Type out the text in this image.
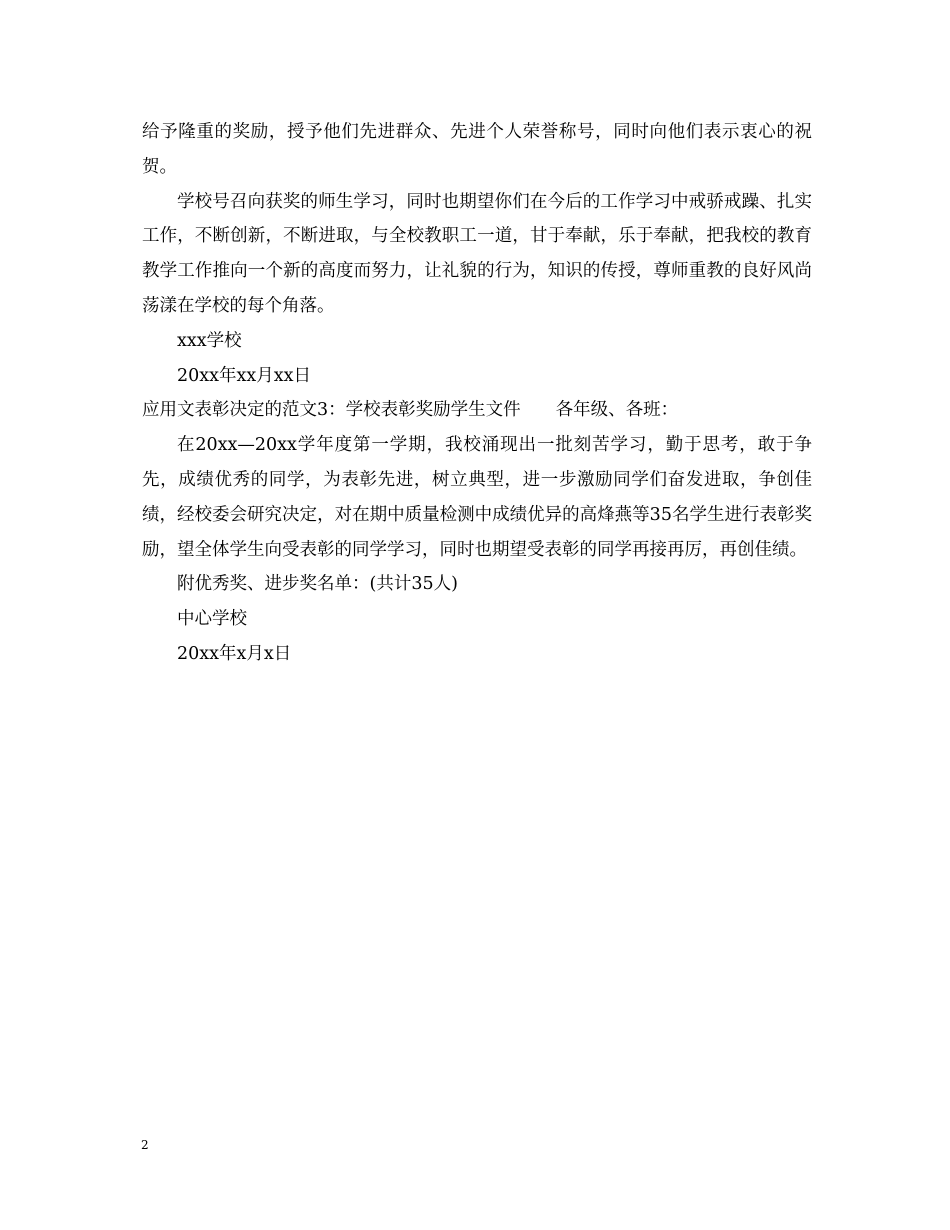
给予隆重的奖励，授予他们先进群众、先进个人荣誉称号，同时向他们表示衷心的祝贺。

学校号召向获奖的师生学习，同时也期望你们在今后的工作学习中戒骄戒躁、扎实工作，不断创新，不断进取，与全校教职工一道，甘于奉献，乐于奉献，把我校的教育教学工作推向一个新的高度而努力，让礼貌的行为，知识的传授，尊师重教的良好风尚荡漾在学校的每个角落。

xxx学校

20xx年xx月xx日

应用文表彰决定的范文3：学校表彰奖励学生文件　　各年级、各班：

在20xx—20xx学年度第一学期，我校涌现出一批刻苦学习，勤于思考，敢于争先，成绩优秀的同学，为表彰先进，树立典型，进一步激励同学们奋发进取，争创佳绩，经校委会研究决定，对在期中质量检测中成绩优异的高烽燕等35名学生进行表彰奖励，望全体学生向受表彰的同学学习，同时也期望受表彰的同学再接再厉，再创佳绩。

附优秀奖、进步奖名单：(共计35人)

中心学校

20xx年x月x日

2
